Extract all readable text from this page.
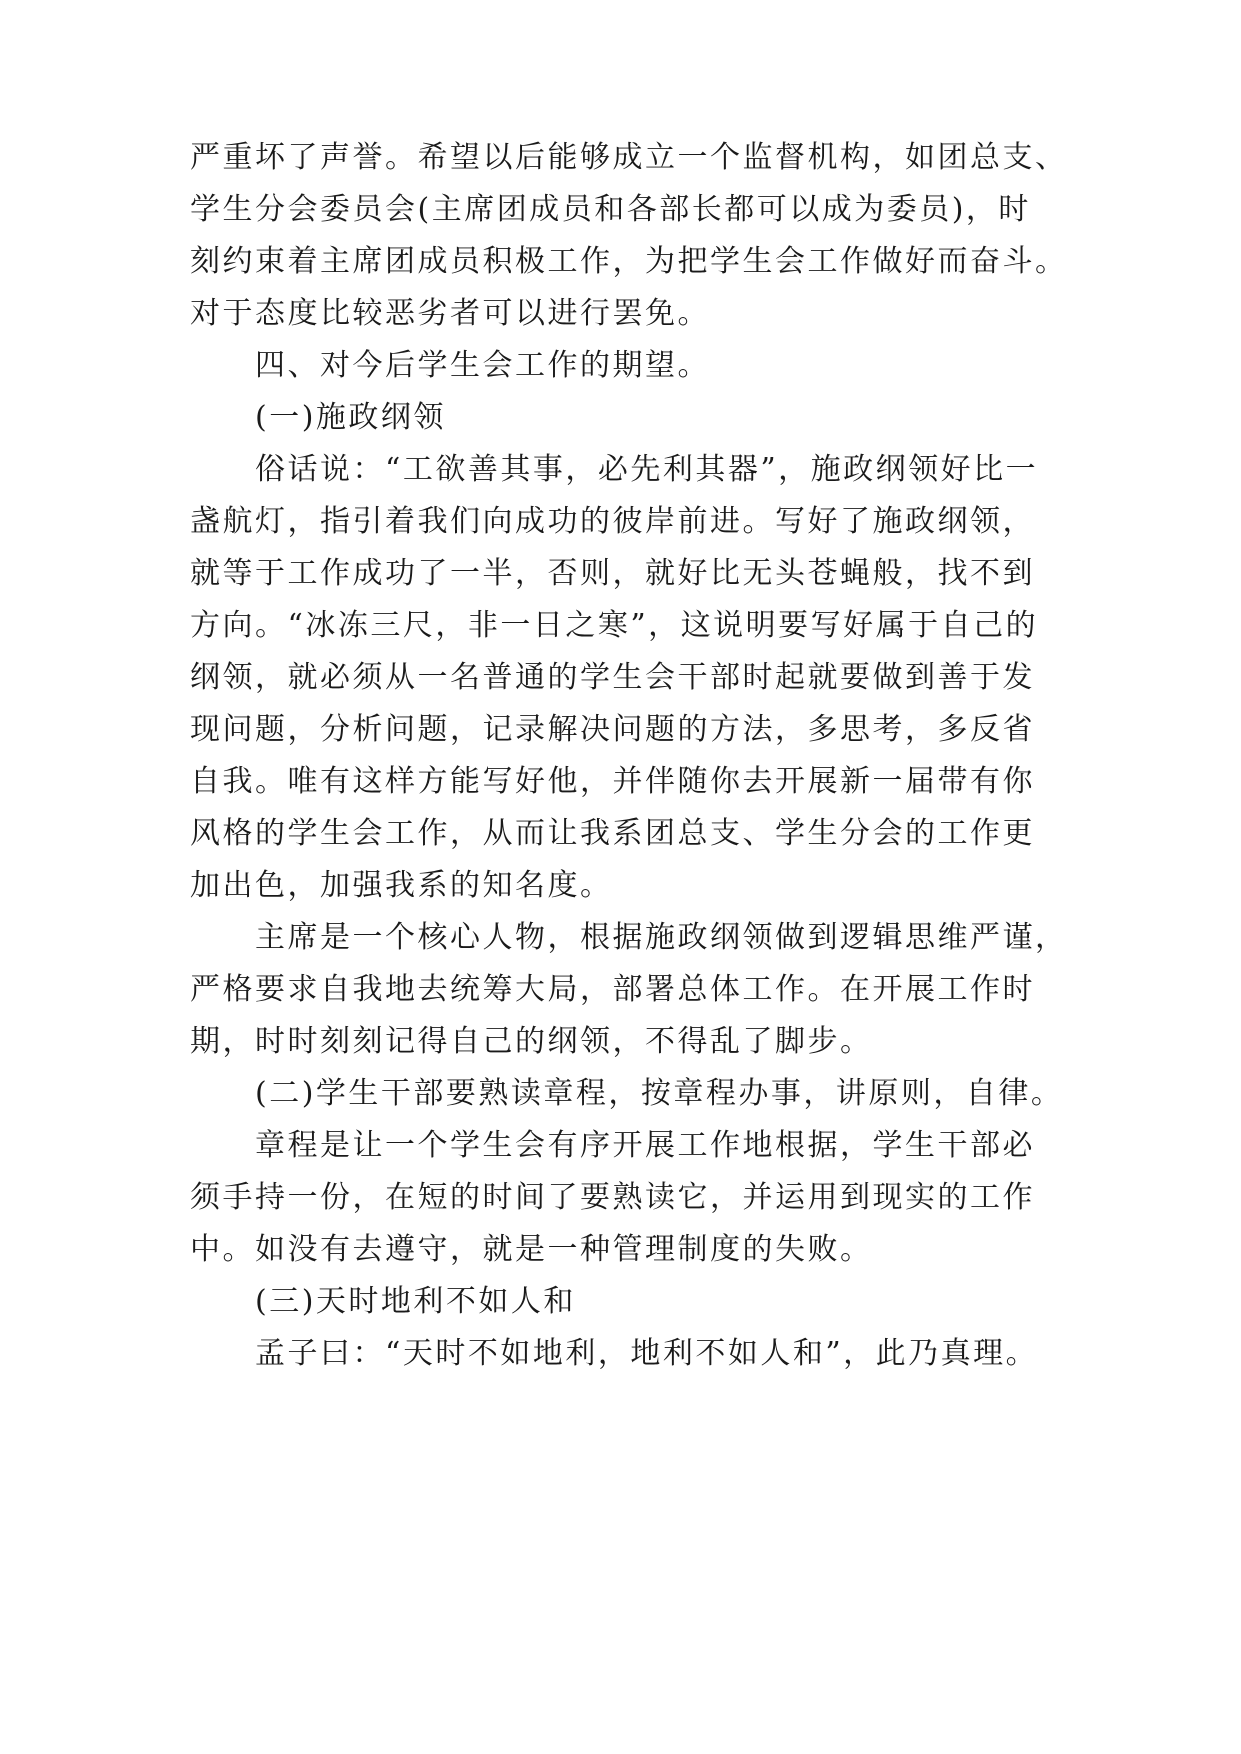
严重坏了声誉。希望以后能够成立一个监督机构，如团总支、
学生分会委员会(主席团成员和各部长都可以成为委员)，时
刻约束着主席团成员积极工作，为把学生会工作做好而奋斗。
对于态度比较恶劣者可以进行罢免。
四、对今后学生会工作的期望。
(一)施政纲领
俗话说：“工欲善其事，必先利其器”，施政纲领好比一
盏航灯，指引着我们向成功的彼岸前进。写好了施政纲领，
就等于工作成功了一半，否则，就好比无头苍蝇般，找不到
方向。“冰冻三尺，非一日之寒”，这说明要写好属于自己的
纲领，就必须从一名普通的学生会干部时起就要做到善于发
现问题，分析问题，记录解决问题的方法，多思考，多反省
自我。唯有这样方能写好他，并伴随你去开展新一届带有你
风格的学生会工作，从而让我系团总支、学生分会的工作更
加出色，加强我系的知名度。
主席是一个核心人物，根据施政纲领做到逻辑思维严谨，
严格要求自我地去统筹大局，部署总体工作。在开展工作时
期，时时刻刻记得自己的纲领，不得乱了脚步。
(二)学生干部要熟读章程，按章程办事，讲原则，自律。
章程是让一个学生会有序开展工作地根据，学生干部必
须手持一份，在短的时间了要熟读它，并运用到现实的工作
中。如没有去遵守，就是一种管理制度的失败。
(三)天时地利不如人和
孟子曰：“天时不如地利，地利不如人和”，此乃真理。
